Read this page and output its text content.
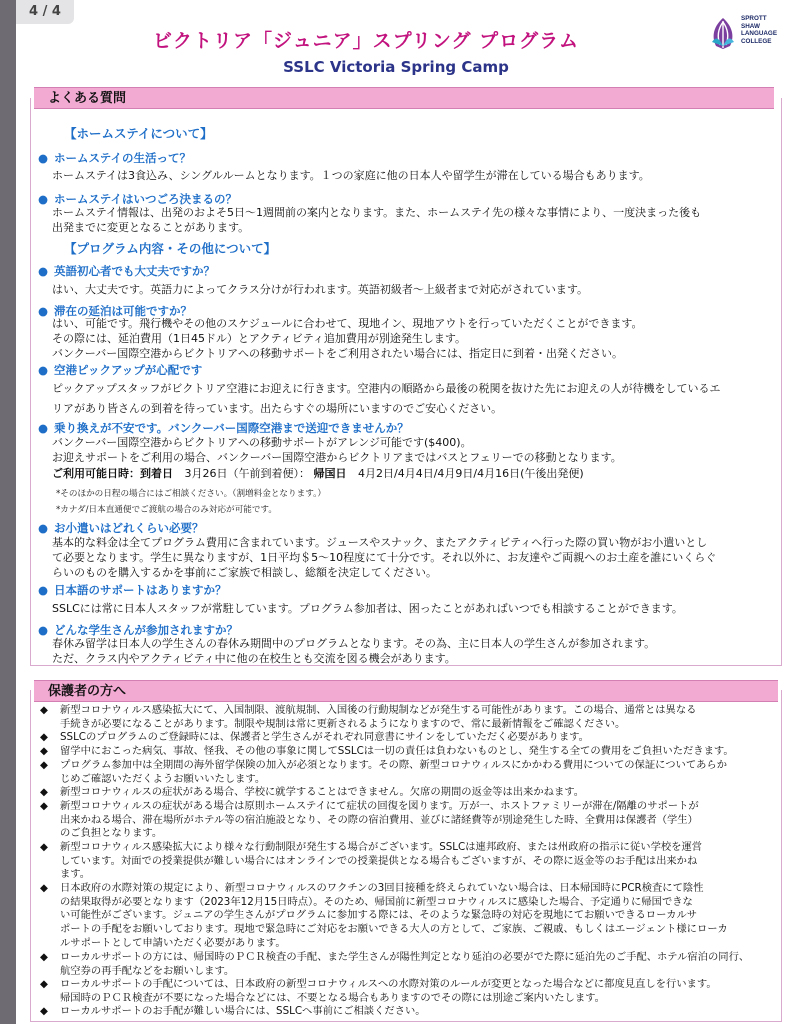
4 / 4
ビクトリア「ジュニア」スプリング プログラム
SSLC Victoria Spring Camp
SPROTT
SHAW
LANGUAGE
COLLEGE
よくある質問
【ホームステイについて】
● ホームステイの生活って？
ホームステイは3食込み、シングルルームとなります。１つの家庭に他の日本人や留学生が滞在している場合もあります。
● ホームステイはいつごろ決まるの？
ホームステイ情報は、出発のおよそ5日〜1週間前の案内となります。また、ホームステイ先の様々な事情により、一度決まった後も
出発までに変更となることがあります。
【プログラム内容・その他について】
● 英語初心者でも大丈夫ですか？
はい、大丈夫です。英語力によってクラス分けが行われます。英語初級者〜上級者まで対応がされています。
● 滞在の延泊は可能ですか？
はい、可能です。飛行機やその他のスケジュールに合わせて、現地イン、現地アウトを行っていただくことができます。
その際には、延泊費用（1日45ドル）とアクティビティ追加費用が別途発生します。
バンクーバー国際空港からビクトリアへの移動サポートをご利用されたい場合には、指定日に到着・出発ください。
● 空港ピックアップが心配です
ピックアップスタッフがビクトリア空港にお迎えに行きます。空港内の順路から最後の税関を抜けた先にお迎えの人が待機をしているエ
リアがあり皆さんの到着を待っています。出たらすぐの場所にいますのでご安心ください。
● 乗り換えが不安です。バンクーバー国際空港まで送迎できませんか？
バンクーバー国際空港からビクトリアへの移動サポートがアレンジ可能です($400)。
お迎えサポートをご利用の場合、バンクーバー国際空港からビクトリアまではバスとフェリーでの移動となります。
ご利用可能日時：到着日 3月26日（午前到着便）： 帰国日 4月2日/4月4日/4月9日/4月16日(午後出発便)
*そのほかの日程の場合にはご相談ください。（割増料金となります。）
*カナダ/日本直通便でご渡航の場合のみ対応が可能です。
● お小遣いはどれくらい必要？
基本的な料金は全てプログラム費用に含まれています。ジュースやスナック、またアクティビティへ行った際の買い物がお小遣いとし
て必要となります。学生に異なりますが、1日平均＄5〜10程度にて十分です。それ以外に、お友達やご両親へのお土産を誰にいくらぐ
らいのものを購入するかを事前にご家族で相談し、総額を決定してください。
● 日本語のサポートはありますか？
SSLCには常に日本人スタッフが常駐しています。プログラム参加者は、困ったことがあればいつでも相談することができます。
● どんな学生さんが参加されますか？
春休み留学は日本人の学生さんの春休み期間中のプログラムとなります。その為、主に日本人の学生さんが参加されます。
ただ、クラス内やアクティビティ中に他の在校生とも交流を図る機会があります。
保護者の方へ
◆ 新型コロナウィルス感染拡大にて、入国制限、渡航規制、入国後の行動規制などが発生する可能性があります。この場合、通常とは異なる
手続きが必要になることがあります。制限や規制は常に更新されるようになりますので、常に最新情報をご確認ください。
◆ SSLCのプログラムのご登録時には、保護者と学生さんがそれぞれ同意書にサインをしていただく必要があります。
◆ 留学中におこった病気、事故、怪我、その他の事象に関してSSLCは一切の責任は負わないものとし、発生する全ての費用をご負担いただきます。
◆ プログラム参加中は全期間の海外留学保険の加入が必須となります。その際、新型コロナウィルスにかかわる費用についての保証についてあらか
じめご確認いただくようお願いいたします。
◆ 新型コロナウィルスの症状がある場合、学校に就学することはできません。欠席の期間の返金等は出来かねます。
◆ 新型コロナウィルスの症状がある場合は原則ホームステイにて症状の回復を図ります。万が一、ホストファミリーが滞在/隔離のサポートが
出来かねる場合、滞在場所がホテル等の宿泊施設となり、その際の宿泊費用、並びに諸経費等が別途発生した時、全費用は保護者（学生）
のご負担となります。
◆ 新型コロナウィルス感染拡大により様々な行動制限が発生する場合がございます。SSLCは連邦政府、または州政府の指示に従い学校を運営
しています。対面での授業提供が難しい場合にはオンラインでの授業提供となる場合もございますが、その際に返金等のお手配は出来かね
ます。
◆ 日本政府の水際対策の規定により、新型コロナウィルスのワクチンの3回目接種を終えられていない場合は、日本帰国時にPCR検査にて陰性
の結果取得が必要となります（2023年12月15日時点）。そのため、帰国前に新型コロナウィルスに感染した場合、予定通りに帰国できな
い可能性がございます。ジュニアの学生さんがプログラムに参加する際には、そのような緊急時の対応を現地にてお願いできるローカルサ
ポートの手配をお願いしております。現地で緊急時にご対応をお願いできる大人の方として、ご家族、ご親戚、もしくはエージェント様にローカ
ルサポートとして申請いただく必要があります。
◆ ローカルサポートの方には、帰国時のＰＣＲ検査の手配、また学生さんが陽性判定となり延泊の必要がでた際に延泊先のご手配、ホテル宿泊の同行、
航空券の再手配などをお願いします。
◆ ローカルサポートの手配については、日本政府の新型コロナウィルスへの水際対策のルールが変更となった場合などに都度見直しを行います。
帰国時のＰＣＲ検査が不要になった場合などには、不要となる場合もありますのでその際には別途ご案内いたします。
◆ ローカルサポートのお手配が難しい場合には、SSLCへ事前にご相談ください。
